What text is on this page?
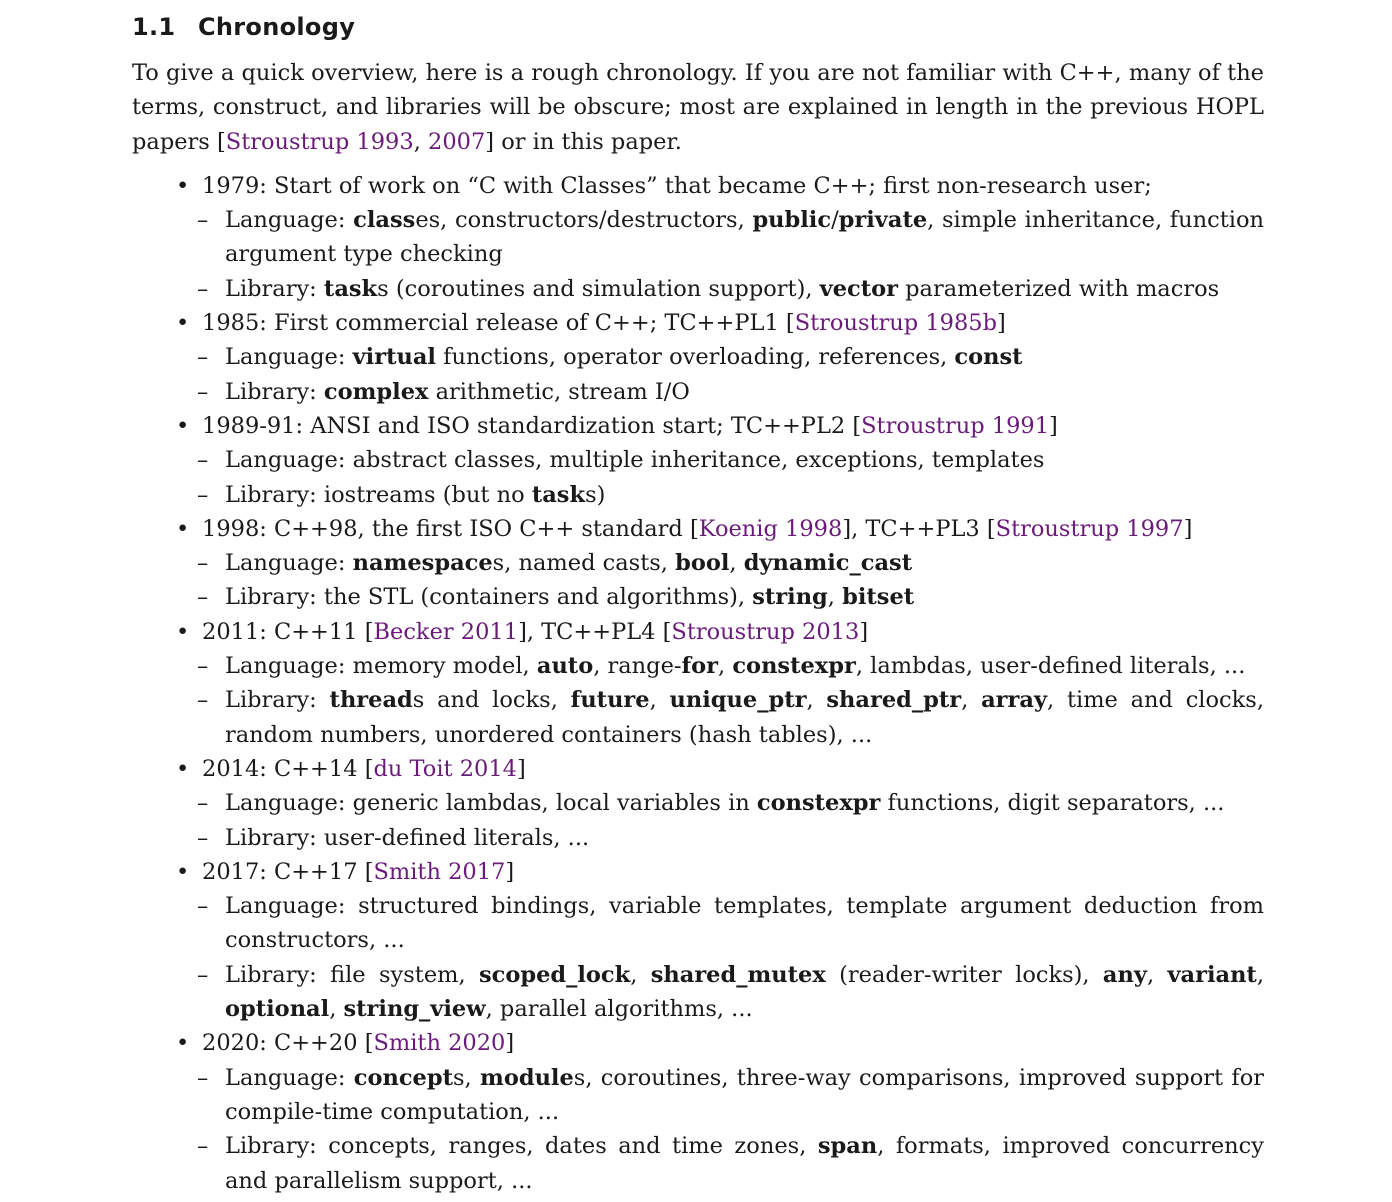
1.1 Chronology

To give a quick overview, here is a rough chronology. If you are not familiar with C++, many of the terms, construct, and libraries will be obscure; most are explained in length in the previous HOPL papers [Stroustrup 1993, 2007] or in this paper.

• 1979: Start of work on “C with Classes” that became C++; first non-research user;
– Language: classes, constructors/destructors, public/private, simple inheritance, function argument type checking
– Library: tasks (coroutines and simulation support), vector parameterized with macros
• 1985: First commercial release of C++; TC++PL1 [Stroustrup 1985b]
– Language: virtual functions, operator overloading, references, const
– Library: complex arithmetic, stream I/O
• 1989-91: ANSI and ISO standardization start; TC++PL2 [Stroustrup 1991]
– Language: abstract classes, multiple inheritance, exceptions, templates
– Library: iostreams (but no tasks)
• 1998: C++98, the first ISO C++ standard [Koenig 1998], TC++PL3 [Stroustrup 1997]
– Language: namespaces, named casts, bool, dynamic_cast
– Library: the STL (containers and algorithms), string, bitset
• 2011: C++11 [Becker 2011], TC++PL4 [Stroustrup 2013]
– Language: memory model, auto, range-for, constexpr, lambdas, user-defined literals, ...
– Library: threads and locks, future, unique_ptr, shared_ptr, array, time and clocks, random numbers, unordered containers (hash tables), ...
• 2014: C++14 [du Toit 2014]
– Language: generic lambdas, local variables in constexpr functions, digit separators, ...
– Library: user-defined literals, ...
• 2017: C++17 [Smith 2017]
– Language: structured bindings, variable templates, template argument deduction from constructors, ...
– Library: file system, scoped_lock, shared_mutex (reader-writer locks), any, variant, optional, string_view, parallel algorithms, ...
• 2020: C++20 [Smith 2020]
– Language: concepts, modules, coroutines, three-way comparisons, improved support for compile-time computation, ...
– Library: concepts, ranges, dates and time zones, span, formats, improved concurrency and parallelism support, ...
